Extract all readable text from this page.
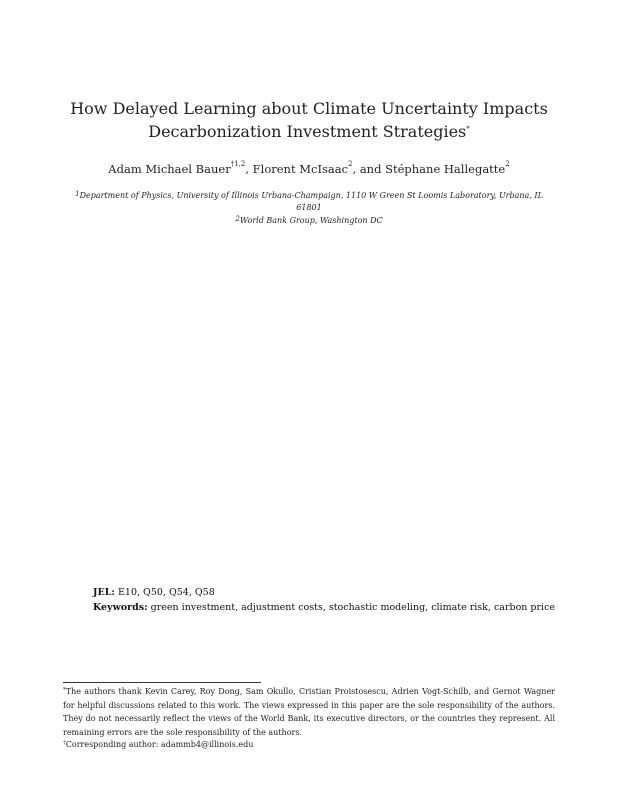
How Delayed Learning about Climate Uncertainty Impacts
Decarbonization Investment Strategies*
Adam Michael Bauer$^{\dagger 1,2}$, Florent McIsaac$^2$, and Stéphane Hallegatte$^2$
$^1$Department of Physics, University of Illinois Urbana-Champaign, 1110 W Green St Loomis Laboratory, Urbana, IL
61801
$^2$World Bank Group, Washington DC
JEL: E10, Q50, Q54, Q58
Keywords: green investment, adjustment costs, stochastic modeling, climate risk, carbon price
*The authors thank Kevin Carey, Roy Dong, Sam Okullo, Cristian Proistosescu, Adrien Vogt-Schilb, and Gernot Wagner for helpful discussions related to this work. The views expressed in this paper are the sole responsibility of the authors. They do not necessarily reflect the views of the World Bank, its executive directors, or the countries they represent. All remaining errors are the sole responsibility of the authors.
†Corresponding author: adammb4@illinois.edu
